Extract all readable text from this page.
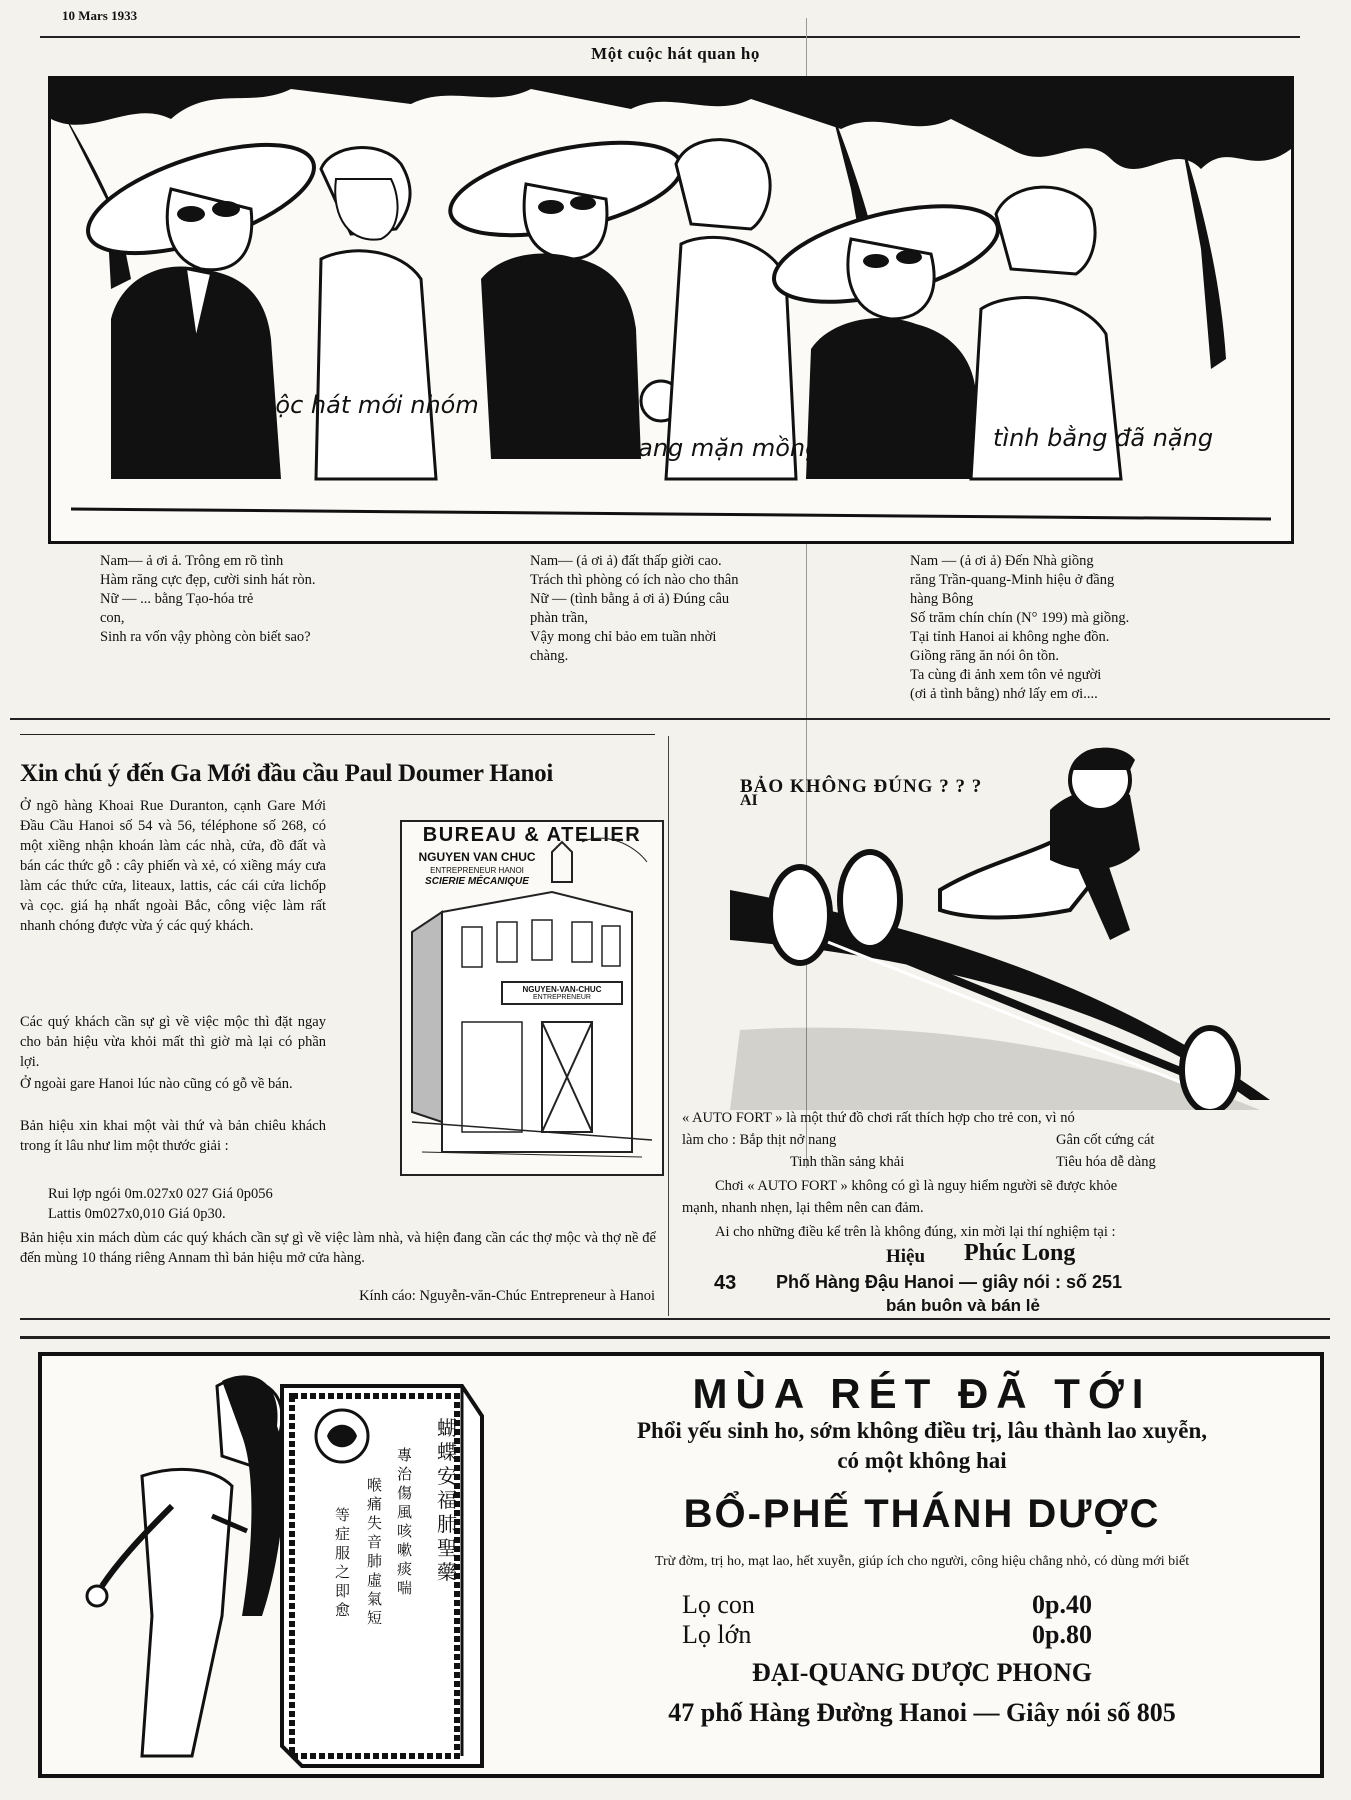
10 Mars 1933
Một cuộc hát quan họ
cuộc hát mới nhóm
ả đã đang mặn mồng	tình bằng đã nặng
Nam— ả ơi ả. Trông em rõ tình
Hàm răng cực đẹp, cười sinh hát ròn.
Nữ — ... bằng Tạo-hóa trẻ
con,
Sinh ra vốn vậy phòng còn biết sao?
Nam— (ả ơi ả) đất thấp giời cao.
Trách thì phòng có ích nào cho thân
Nữ — (tình bằng ả ơi ả) Đúng câu
phàn trần,
Vậy mong chỉ bảo em tuần nhời
chàng.
Nam — (ả ơi ả) Đến Nhà giồng
răng Trần-quang-Minh hiệu ở đầng
hàng Bông
Số trăm chín chín (N° 199) mà giồng.
Tại tỉnh Hanoi ai không nghe đồn.
Giồng răng ăn nói ôn tồn.
Ta cùng đi ảnh xem tôn vẻ người
(ơi ả tình bằng) nhớ lấy em ơi....
Xin chú ý đến Ga Mới đầu cầu Paul Doumer Hanoi
Ở ngõ hàng Khoai Rue Duranton, cạnh Gare Mới Đầu Cầu Hanoi số 54 và 56, téléphone số 268, có một xiềng nhận khoán làm các nhà, cửa, đồ đất và bán các thức gỗ : cây phiến và xẻ, có xiềng máy cưa làm các thức cửa, liteaux, lattis, các cái cửa lichốp và cọc. giá hạ nhất ngoài Bắc, công việc làm rất nhanh chóng được vừa ý các quý khách.
Các quý khách cần sự gì về việc mộc thì đặt ngay cho bản hiệu vừa khỏi mất thì giờ mà lại có phần lợi.
Ở ngoài gare Hanoi lúc nào cũng có gỗ về bán.
Bản hiệu xin khai một vài thứ và bản chiêu khách trong ít lâu như lim một thước giải :
Rui lợp ngói 0m.027x0 027 Giá 0p056
Lattis 0m027x0,010 Giá 0p30.
Bản hiệu xin mách dùm các quý khách cần sự gì về việc làm nhà, và hiện đang cần các thợ mộc và thợ nề để đến mùng 10 tháng riêng Annam thì bản hiệu mở cửa hàng.
Kính cáo: Nguyễn-văn-Chúc Entrepreneur à Hanoi
BUREAU & ATELIER
NGUYEN VAN CHUC
ENTREPRENEUR HANOI
SCIERIE MÉCANIQUE
NGUYEN-VAN-CHUC
ENTREPRENEUR
AI
BẢO KHÔNG ĐÚNG ? ? ?
« AUTO FORT » là một thứ đồ chơi rất thích hợp cho trẻ con, vì nó
làm cho : Bắp thịt nở nang	Gân cốt cứng cát
Tinh thần sảng khải	Tiêu hóa dễ dàng
Chơi « AUTO FORT » không có gì là nguy hiểm người sẽ được khỏe
mạnh, nhanh nhẹn, lại thêm nên can đảm.
Ai cho những điều kể trên là không đúng, xin mời lại thí nghiệm tại :
Hiệu Phúc Long
43 Phố Hàng Đậu Hanoi — giây nói : số 251
bán buôn và bán lẻ
蝴蝶安福肺聖藥
專治傷風咳嗽痰喘
喉痛失音肺虛氣短
等症服之即愈
MÙA RÉT ĐÃ TỚI
Phổi yếu sinh ho, sớm không điều trị, lâu thành lao xuyễn,
có một không hai
BỔ-PHẾ THÁNH DƯỢC
Trừ đờm, trị ho, mạt lao, hết xuyễn, giúp ích cho người, công hiệu chẳng nhỏ, có dùng mới biết
Lọ con	0p.40
Lọ lớn	0p.80
ĐẠI-QUANG DƯỢC PHONG
47 phố Hàng Đường Hanoi — Giây nói số 805
